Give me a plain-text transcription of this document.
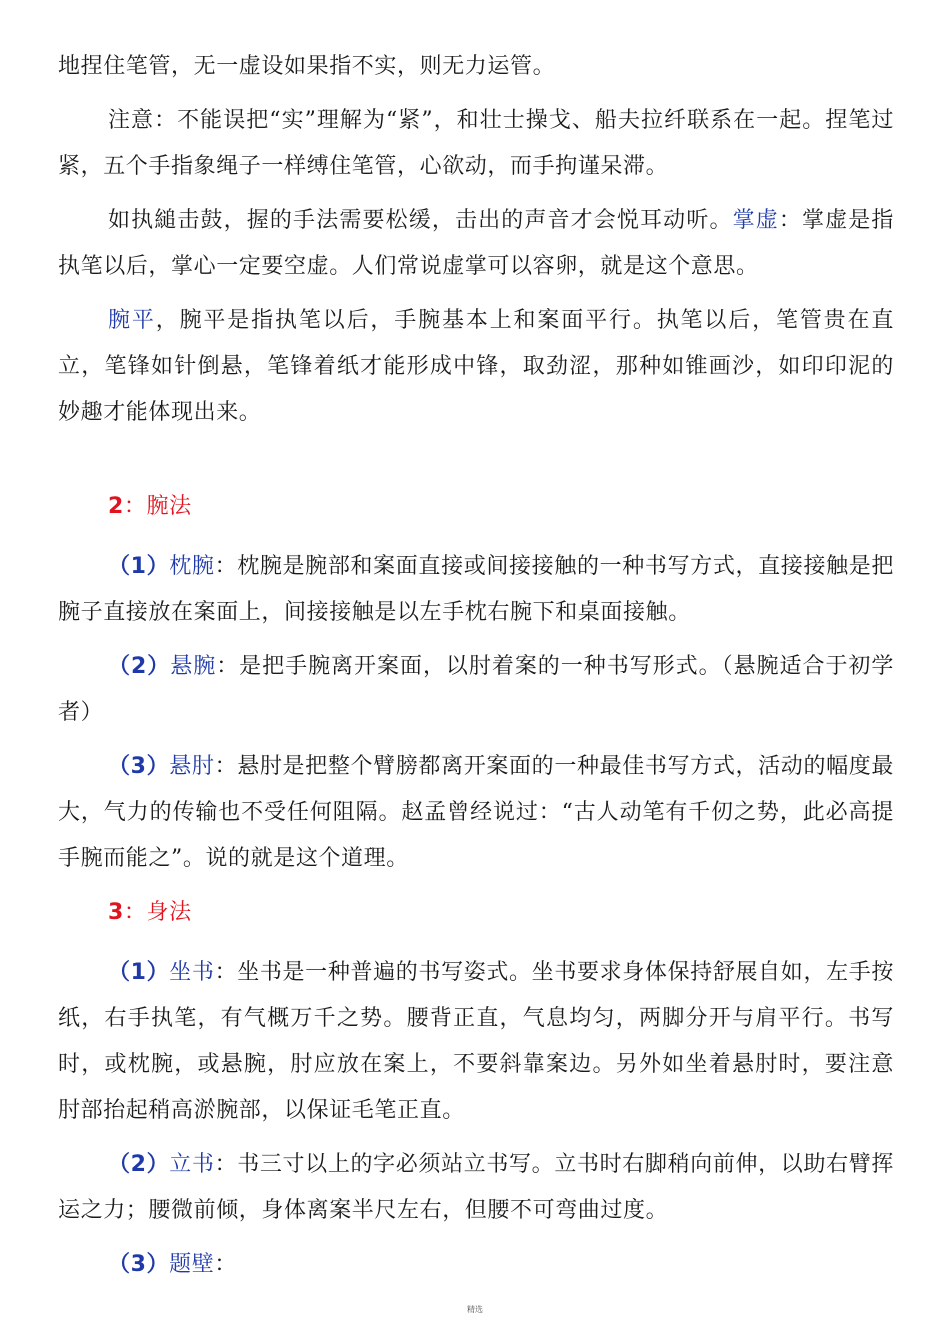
地捏住笔管，无一虚设如果指不实，则无力运管。

注意：不能误把“实”理解为“紧”，和壮士操戈、船夫拉纤联系在一起。捏笔过紧，五个手指象绳子一样缚住笔管，心欲动，而手拘谨呆滞。

如执縋击鼓，握的手法需要松缓，击出的声音才会悦耳动听。掌虚：掌虚是指执笔以后，掌心一定要空虚。人们常说虚掌可以容卵，就是这个意思。

腕平，腕平是指执笔以后，手腕基本上和案面平行。执笔以后，笔管贵在直立，笔锋如针倒悬，笔锋着纸才能形成中锋，取劲涩，那种如锥画沙，如印印泥的妙趣才能体现出来。

2：腕法

（1）枕腕：枕腕是腕部和案面直接或间接接触的一种书写方式，直接接触是把腕子直接放在案面上，间接接触是以左手枕右腕下和桌面接触。

（2）悬腕：是把手腕离开案面，以肘着案的一种书写形式。（悬腕适合于初学者）

（3）悬肘：悬肘是把整个臂膀都离开案面的一种最佳书写方式，活动的幅度最大，气力的传输也不受任何阻隔。赵孟曾经说过：“古人动笔有千仞之势，此必高提手腕而能之”。说的就是这个道理。

3：身法

（1）坐书：坐书是一种普遍的书写姿式。坐书要求身体保持舒展自如，左手按纸，右手执笔，有气概万千之势。腰背正直，气息均匀，两脚分开与肩平行。书写时，或枕腕，或悬腕，肘应放在案上，不要斜靠案边。另外如坐着悬肘时，要注意肘部抬起稍高淤腕部，以保证毛笔正直。

（2）立书：书三寸以上的字必须站立书写。立书时右脚稍向前伸，以助右臂挥运之力；腰微前倾，身体离案半尺左右，但腰不可弯曲过度。

（3）题壁：

精选
